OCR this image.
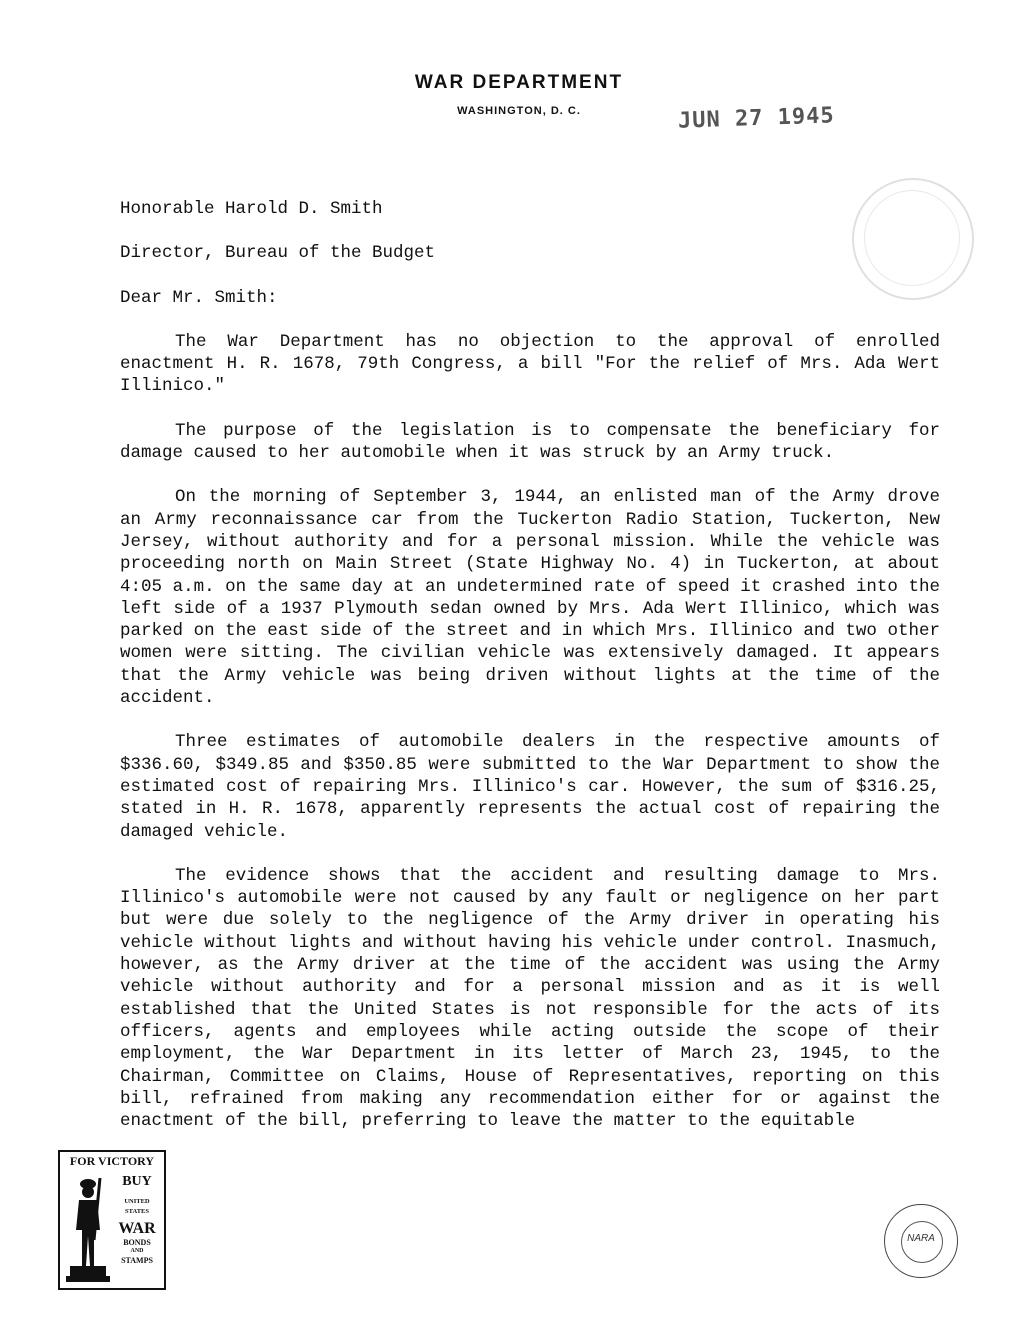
WAR DEPARTMENT
WASHINGTON, D. C.	JUN 27 1945
Honorable Harold D. Smith
Director, Bureau of the Budget
Dear Mr. Smith:

The War Department has no objection to the approval of enrolled enactment H. R. 1678, 79th Congress, a bill "For the relief of Mrs. Ada Wert Illinico."

The purpose of the legislation is to compensate the beneficiary for damage caused to her automobile when it was struck by an Army truck.

On the morning of September 3, 1944, an enlisted man of the Army drove an Army reconnaissance car from the Tuckerton Radio Station, Tuckerton, New Jersey, without authority and for a personal mission. While the vehicle was proceeding north on Main Street (State Highway No. 4) in Tuckerton, at about 4:05 a.m. on the same day at an undetermined rate of speed it crashed into the left side of a 1937 Plymouth sedan owned by Mrs. Ada Wert Illinico, which was parked on the east side of the street and in which Mrs. Illinico and two other women were sitting. The civilian vehicle was extensively damaged. It appears that the Army vehicle was being driven without lights at the time of the accident.

Three estimates of automobile dealers in the respective amounts of $336.60, $349.85 and $350.85 were submitted to the War Department to show the estimated cost of repairing Mrs. Illinico's car. However, the sum of $316.25, stated in H. R. 1678, apparently represents the actual cost of repairing the damaged vehicle.

The evidence shows that the accident and resulting damage to Mrs. Illinico's automobile were not caused by any fault or negligence on her part but were due solely to the negligence of the Army driver in operating his vehicle without lights and without having his vehicle under control. Inasmuch, however, as the Army driver at the time of the accident was using the Army vehicle without authority and for a personal mission and as it is well established that the United States is not responsible for the acts of its officers, agents and employees while acting outside the scope of their employment, the War Department in its letter of March 23, 1945, to the Chairman, Committee on Claims, House of Representatives, reporting on this bill, refrained from making any recommendation either for or against the enactment of the bill, preferring to leave the matter to the equitable

FOR VICTORY
BUY
UNITED
STATES
WAR
BONDS
AND
STAMPS
NARA
